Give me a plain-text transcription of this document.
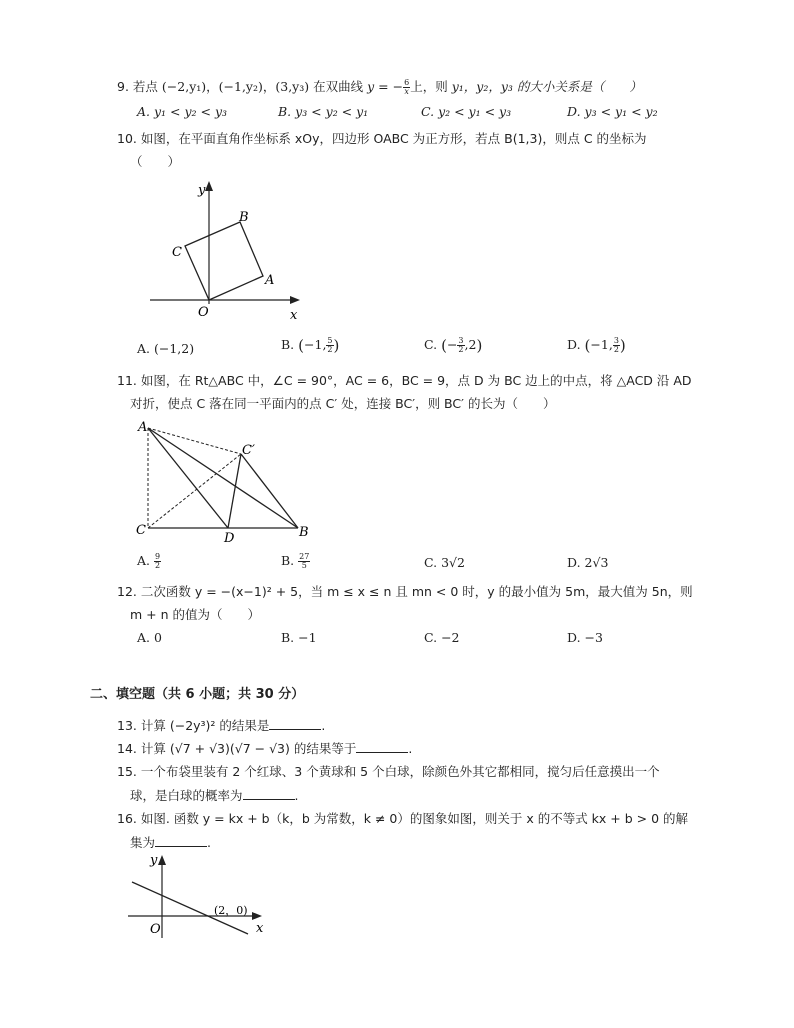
9. 若点 (−2,y₁)，(−1,y₂)，(3,y₃) 在双曲线 y = − $\frac{6}{x}$ 上，则 y₁，y₂，y₃ 的大小关系是（　　）
A. y₁ < y₂ < y₃	B. y₃ < y₂ < y₁	C. y₂ < y₁ < y₃	D. y₃ < y₁ < y₂
10. 如图，在平面直角作坐标系 xOy，四边形 OABC 为正方形，若点 B(1,3)，则点 C 的坐标为
（　　）
y
x
O
A
B
C
A. (−1,2)	B. (−1, $\frac{5}{2}$ )	C. (− $\frac{3}{2} ,2$)	D. (−1, $\frac{3}{2}$ )
11. 如图，在 Rt△ABC 中，∠C = 90°，AC = 6，BC = 9，点 D 为 BC 边上的中点，将 △ACD 沿 AD
对折，使点 C 落在同一平面内的点 C′ 处，连接 BC′，则 BC′ 的长为（　　）
A
C
D	B
C′
A. $\frac{9}{2}$	B. $\frac{27}{5}$	C. 3√2	D. 2√3
12. 二次函数 y = −(x−1)² + 5，当 m ≤ x ≤ n 且 mn < 0 时，y 的最小值为 5m，最大值为 5n，则
m + n 的值为（　　）
A. 0	B. −1	C. −2	D. −3
二、填空题（共 6 小题；共 30 分）
13. 计算 (−2y³)² 的结果是	.
14. 计算 (√7 + √3)(√7 − √3) 的结果等于	.
15. 一个布袋里装有 2 个红球、3 个黄球和 5 个白球，除颜色外其它都相同，搅匀后任意摸出一个
球，是白球的概率为	.
16. 如图. 函数 y = kx + b（k，b 为常数，k ≠ 0）的图象如图，则关于 x 的不等式 kx + b > 0 的解
集为	.
y
x
O
(2，0)
